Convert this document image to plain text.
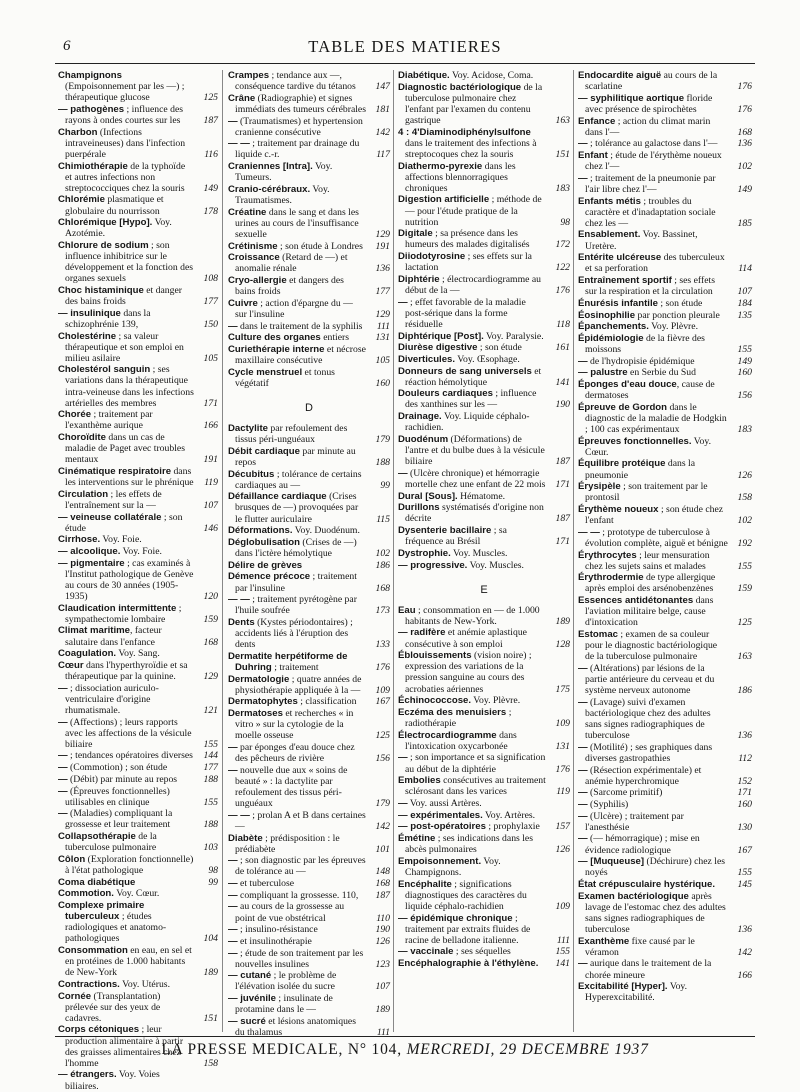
6	TABLE DES MATIERES
Champignons (Empoisonnement par les —) ; thérapeutique glucose	125
— pathogènes ; influence des rayons à ondes courtes sur les 187
Charbon (Infections intraveineuses) dans l'infection puerpérale	116
Chimiothérapie de la typhoïde et autres infections non streptococciques chez la souris 149
Chlorémie plasmatique et globulaire du nourrisson	178
Chlorémique [Hypo]. Voy. Azotémie.
Chlorure de sodium ; son influence inhibitrice sur le développement et la fonction des organes sexuels	108
Choc histaminique et danger des bains froids	177
— insulinique dans la schizophrénie 139,	150
Cholestérine ; sa valeur thérapeutique et son emploi en milieu asilaire	105
Cholestérol sanguin ; ses variations dans la thérapeutique intra-veineuse dans les infections artérielles des membres	171
Chorée ; traitement par l'exanthème aurique	166
Choroïdite dans un cas de maladie de Paget avec troubles mentaux	191
Cinématique respiratoire dans les interventions sur le phrénique 119
Circulation ; les effets de l'entraînement sur la —	107
— veineuse collatérale ; son étude	146
Cirrhose. Voy. Foie.
— alcoolique. Voy. Foie.
— pigmentaire ; cas examinés à l'Institut pathologique de Genève au cours de 30 années (1905-1935)	120
Claudication intermittente ; sympathectomie lombaire	159
Climat maritime, facteur salutaire dans l'enfance	168
Coagulation. Voy. Sang.
Cœur dans l'hyperthyroïdie et sa thérapeutique par la quinine.	129
— ; dissociation auriculo-ventriculaire d'origine rhumatismale.	121
— (Affections) ; leurs rapports avec les affections de la vésicule biliaire	155
— ; tendances opératoires diverses 144
— (Commotion) ; son étude	177
— (Débit) par minute au repos	188
— (Épreuves fonctionnelles) utilisables en clinique	155
— (Maladies) compliquant la grossesse et leur traitement	188
Collapsothérapie de la tuberculose pulmonaire	103
Côlon (Exploration fonctionnelle) à l'état pathologique	98
Coma diabétique	99
Commotion. Voy. Cœur.
Complexe primaire tuberculeux ; études radiologiques et anatomo-pathologiques	104
Consommation en eau, en sel et en protéines de 1.000 habitants de New-York	189
Contractions. Voy. Utérus.
Cornée (Transplantation) prélevée sur des yeux de cadavres.	151
Corps cétoniques ; leur production alimentaire à partir des graisses alimentaires chez l'homme	158
— étrangers. Voy. Voies biliaires.
Crampes ; tendance aux —, conséquence tardive du tétanos 147
Crâne (Radiographie) et signes immédiats des tumeurs cérébrales 181
— (Traumatismes) et hypertension cranienne consécutive	142
— — ; traitement par drainage du liquide c.-r.	117
Craniennes [Intra]. Voy. Tumeurs.
Cranio-cérébraux. Voy. Traumatismes.
Créatine dans le sang et dans les urines au cours de l'insuffisance sexuelle	129
Crétinisme ; son étude à Londres 191
Croissance (Retard de —) et anomalie rénale	136
Cryo-allergie et dangers des bains froids	177
Cuivre ; action d'épargne du — sur l'insuline	129
— dans le traitement de la syphilis 111
Culture des organes entiers	131
Curiethérapie interne et nécrose maxillaire consécutive	105
Cycle menstruel et tonus végétatif	160
D
Dactylite par refoulement des tissus péri-unguéaux	179
Débit cardiaque par minute au repos	188
Décubitus ; tolérance de certains cardiaques au —	99
Défaillance cardiaque (Crises brusques de —) provoquées par le flutter auriculaire	115
Déformations. Voy. Duodénum.
Déglobulisation (Crises de —) dans l'ictère hémolytique	102
Délire de grèves	186
Démence précoce ; traitement par l'insuline	168
— — ; traitement pyrétogène par l'huile soufrée	173
Dents (Kystes périodontaires) ; accidents liés à l'éruption des dents	133
Dermatite herpétiforme de Duhring ; traitement	176
Dermatologie ; quatre années de physiothérapie appliquée à la — 109
Dermatophytes ; classification 167
Dermatoses et recherches « in vitro » sur la cytologie de la moelle osseuse	125
— par éponges d'eau douce chez des pêcheurs de rivière	156
— nouvelle due aux « soins de beauté » : la dactylite par refoulement des tissus péri-unguéaux	179
— — ; prolan A et B dans certaines —	142
Diabète ; prédisposition : le prédiabète	101
— ; son diagnostic par les épreuves de tolérance au —	148
— et tuberculose	168
— compliquant la grossesse. 110, 187
— au cours de la grossesse au point de vue obstétrical	110
— ; insulino-résistance	190
— et insulinothérapie	126
— ; étude de son traitement par les nouvelles insulines	123
— cutané ; le problème de l'élévation isolée du sucre	107
— juvénile ; insulinate de protamine dans le —	189
— sucré et lésions anatomiques du thalamus	111
Diabétique. Voy. Acidose, Coma.
Diagnostic bactériologique de la tuberculose pulmonaire chez l'enfant par l'examen du contenu gastrique	163
4 : 4'Diaminodiphénylsulfone dans le traitement des infections à streptocoques chez la souris	151
Diathermo-pyrexie dans les affections blennorragiques chroniques	183
Digestion artificielle ; méthode de — pour l'étude pratique de la nutrition	98
Digitale ; sa présence dans les humeurs des malades digitalisés	172
Diiodotyrosine ; ses effets sur la lactation	122
Diphtérie ; électrocardiogramme au début de la —	176
— ; effet favorable de la maladie post-sérique dans la forme résiduelle	118
Diphtérique [Post]. Voy. Paralysie.
Diurèse digestive ; son étude	161
Diverticules. Voy. Œsophage.
Donneurs de sang universels et réaction hémolytique	141
Douleurs cardiaques ; influence des xanthines sur les —	190
Drainage. Voy. Liquide céphalo-rachidien.
Duodénum (Déformations) de l'antre et du bulbe dues à la vésicule biliaire	187
— (Ulcère chronique) et hémorragie mortelle chez une enfant de 22 mois 171
Dural [Sous]. Hématome.
Durillons systématisés d'origine non décrite	187
Dysenterie bacillaire ; sa fréquence au Brésil	171
Dystrophie. Voy. Muscles.
— progressive. Voy. Muscles.
E
Eau ; consommation en — de 1.000 habitants de New-York.	189
— radifère et anémie aplastique consécutive à son emploi	128
Éblouissements (vision noire) ; expression des variations de la pression sanguine au cours des acrobaties aériennes	175
Échinococcose. Voy. Plèvre.
Eczéma des menuisiers ; radiothérapie	109
Électrocardiogramme dans l'intoxication oxycarbonée	131
— ; son importance et sa signification au début de la diphtérie	176
Embolies consécutives au traitement sclérosant dans les varices	119
— Voy. aussi Artères.
— expérimentales. Voy. Artères.
— post-opératoires ; prophylaxie 157
Émétine ; ses indications dans les abcès pulmonaires	126
Empoisonnement. Voy. Champignons.
Encéphalite ; significations diagnostiques des caractères du liquide céphalo-rachidien	109
— épidémique chronique ; traitement par extraits fluides de racine de belladone italienne.	111
— vaccinale ; ses séquelles	155
Encéphalographie à l'éthylène. 141
Endocardite aiguë au cours de la scarlatine	176
— syphilitique aortique floride avec présence de spirochètes	176
Enfance ; action du climat marin dans l'—	168
— ; tolérance au galactose dans l'— 136
Enfant ; étude de l'érythème noueux chez l'—	102
— ; traitement de la pneumonie par l'air libre chez l'—	149
Enfants métis ; troubles du caractère et d'inadaptation sociale chez les —	185
Ensablement. Voy. Bassinet, Uretère.
Entérite ulcéreuse des tuberculeux et sa perforation	114
Entraînement sportif ; ses effets sur la respiration et la circulation	107
Énurésis infantile ; son étude	184
Éosinophilie par ponction pleurale 135
Épanchements. Voy. Plèvre.
Épidémiologie de la fièvre des moissons	155
— de l'hydropisie épidémique	149
— palustre en Serbie du Sud	160
Éponges d'eau douce, cause de dermatoses	156
Épreuve de Gordon dans le diagnostic de la maladie de Hodgkin ; 100 cas expérimentaux	183
Épreuves fonctionnelles. Voy. Cœur.
Équilibre protéique dans la pneumonie	126
Érysipèle ; son traitement par le prontosil	158
Érythème noueux ; son étude chez l'enfant	102
— — ; prototype de tuberculose à évolution complète, aiguë et bénigne 192
Érythrocytes ; leur mensuration chez les sujets sains et malades	155
Érythrodermie de type allergique après emploi des arsénobenzènes 159
Essences antidétonantes dans l'aviation militaire belge, cause d'intoxication	125
Estomac ; examen de sa couleur pour le diagnostic bactériologique de la tuberculose pulmonaire	163
— (Altérations) par lésions de la partie antérieure du cerveau et du système nerveux autonome	186
— (Lavage) suivi d'examen bactériologique chez des adultes sans signes radiographiques de tuberculose	136
— (Motilité) ; ses graphiques dans diverses gastropathies	112
— (Résection expérimentale) et anémie hyperchromique	152
— (Sarcome primitif)	171
— (Syphilis)	160
— (Ulcère) ; traitement par l'anesthésie	130
— (— hémorragique) ; mise en évidence radiologique	167
— [Muqueuse] (Déchirure) chez les noyés	155
État crépusculaire hystérique. 145
Examen bactériologique après lavage de l'estomac chez des adultes sans signes radiographiques de tuberculose	136
Exanthème fixe causé par le véramon	142
— aurique dans le traitement de la chorée mineure	166
Excitabilité [Hyper]. Voy. Hyperexcitabilité.
LA PRESSE MEDICALE, N° 104, MERCREDI, 29 DECEMBRE 1937
